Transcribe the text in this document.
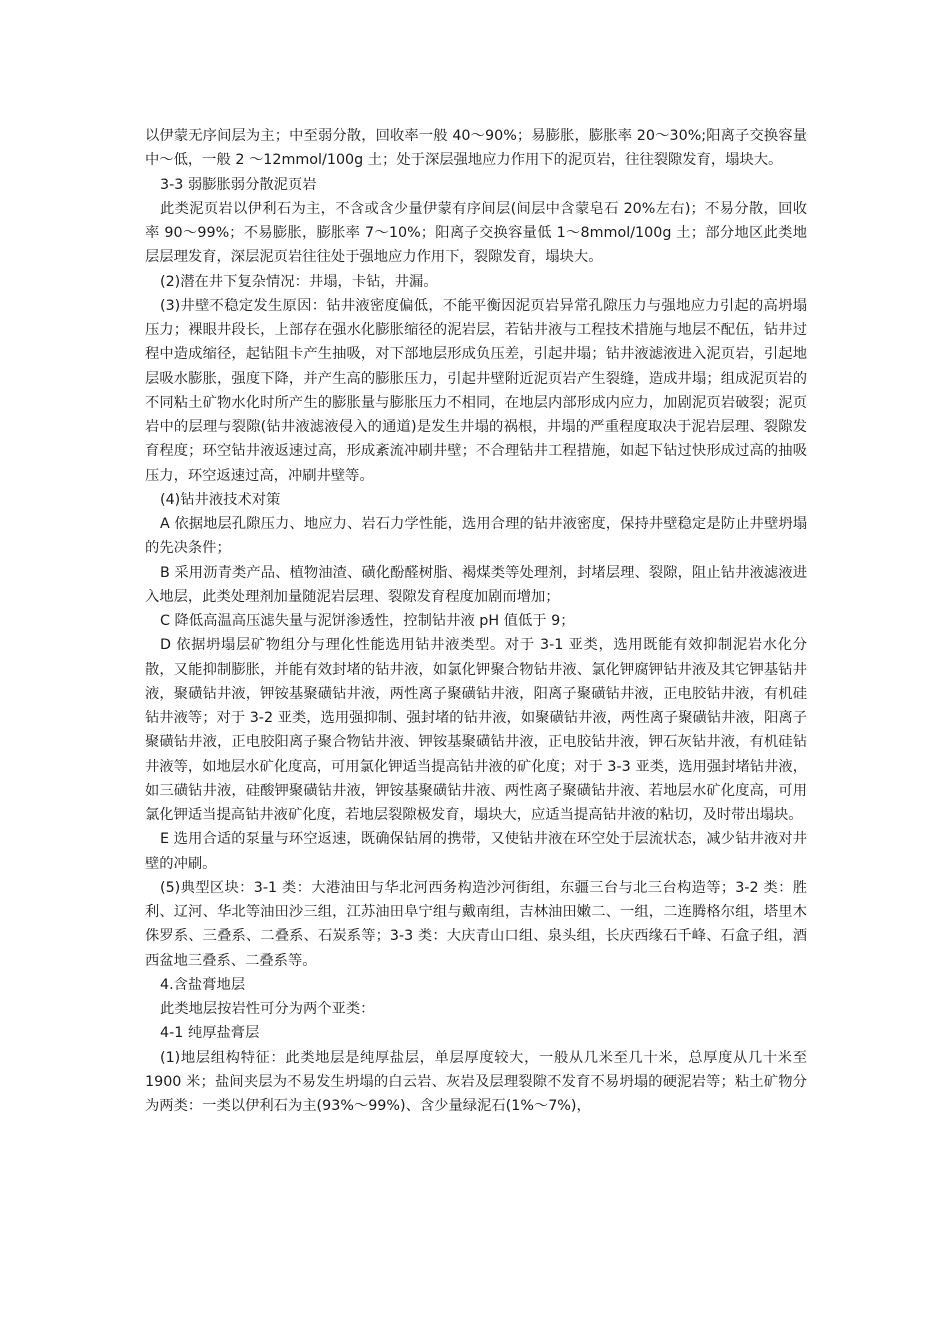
以伊蒙无序间层为主；中至弱分散，回收率一般 40～90%；易膨胀，膨胀率 20～30%;阳离子交换容量中～低，一般 2 ～12mmol/100g 土；处于深层强地应力作用下的泥页岩，往往裂隙发育，塌块大。

3-3 弱膨胀弱分散泥页岩

此类泥页岩以伊利石为主，不含或含少量伊蒙有序间层(间层中含蒙皂石 20%左右)；不易分散，回收率 90～99%；不易膨胀，膨胀率 7～10%；阳离子交换容量低 1～8mmol/100g 土；部分地区此类地层层理发育，深层泥页岩往往处于强地应力作用下，裂隙发育，塌块大。

(2)潜在井下复杂情况：井塌，卡钻，井漏。

(3)井壁不稳定发生原因：钻井液密度偏低，不能平衡因泥页岩异常孔隙压力与强地应力引起的高坍塌压力；裸眼井段长，上部存在强水化膨胀缩径的泥岩层，若钻井液与工程技术措施与地层不配伍，钻井过程中造成缩径，起钻阻卡产生抽吸，对下部地层形成负压差，引起井塌；钻井液滤液进入泥页岩，引起地层吸水膨胀，强度下降，并产生高的膨胀压力，引起井壁附近泥页岩产生裂缝，造成井塌；组成泥页岩的不同粘土矿物水化时所产生的膨胀量与膨胀压力不相同，在地层内部形成内应力，加剧泥页岩破裂；泥页岩中的层理与裂隙(钻井液滤液侵入的通道)是发生井塌的祸根，井塌的严重程度取决于泥岩层理、裂隙发育程度；环空钻井液返速过高，形成紊流冲刷井壁；不合理钻井工程措施，如起下钻过快形成过高的抽吸压力，环空返速过高，冲刷井壁等。

(4)钻井液技术对策

A 依据地层孔隙压力、地应力、岩石力学性能，选用合理的钻井液密度，保持井壁稳定是防止井壁坍塌的先决条件；

B 采用沥青类产品、植物油渣、磺化酚醛树脂、褐煤类等处理剂，封堵层理、裂隙，阻止钻井液滤液进入地层，此类处理剂加量随泥岩层理、裂隙发育程度加剧而增加；

C 降低高温高压滤失量与泥饼渗透性，控制钻井液 pH 值低于 9；

D 依据坍塌层矿物组分与理化性能选用钻井液类型。对于 3-1 亚类，选用既能有效抑制泥岩水化分散，又能抑制膨胀，并能有效封堵的钻井液，如氯化钾聚合物钻井液、氯化钾腐钾钻井液及其它钾基钻井液，聚磺钻井液，钾铵基聚磺钻井液，两性离子聚磺钻井液，阳离子聚磺钻井液，正电胶钻井液，有机硅钻井液等；对于 3-2 亚类，选用强抑制、强封堵的钻井液，如聚磺钻井液，两性离子聚磺钻井液，阳离子聚磺钻井液，正电胶阳离子聚合物钻井液、钾铵基聚磺钻井液，正电胶钻井液，钾石灰钻井液，有机硅钻井液等，如地层水矿化度高，可用氯化钾适当提高钻井液的矿化度；对于 3-3 亚类，选用强封堵钻井液，如三磺钻井液，硅酸钾聚磺钻井液，钾铵基聚磺钻井液、两性离子聚磺钻井液、若地层水矿化度高，可用氯化钾适当提高钻井液矿化度，若地层裂隙极发育，塌块大，应适当提高钻井液的粘切，及时带出塌块。

E 选用合适的泵量与环空返速，既确保钻屑的携带，又使钻井液在环空处于层流状态，减少钻井液对井壁的冲刷。

(5)典型区块：3-1 类：大港油田与华北河西务构造沙河街组，东疆三台与北三台构造等；3-2 类：胜利、辽河、华北等油田沙三组，江苏油田阜宁组与戴南组，吉林油田嫩二、一组，二连腾格尔组，塔里木侏罗系、三叠系、二叠系、石炭系等；3-3 类：大庆青山口组、泉头组，长庆西缘石千峰、石盒子组，酒西盆地三叠系、二叠系等。

4.含盐膏地层

此类地层按岩性可分为两个亚类：

4-1 纯厚盐膏层

(1)地层组构特征：此类地层是纯厚盐层，单层厚度较大，一般从几米至几十米，总厚度从几十米至 1900 米；盐间夹层为不易发生坍塌的白云岩、灰岩及层理裂隙不发育不易坍塌的硬泥岩等；粘土矿物分为两类：一类以伊利石为主(93%～99%)、含少量绿泥石(1%～7%)，
